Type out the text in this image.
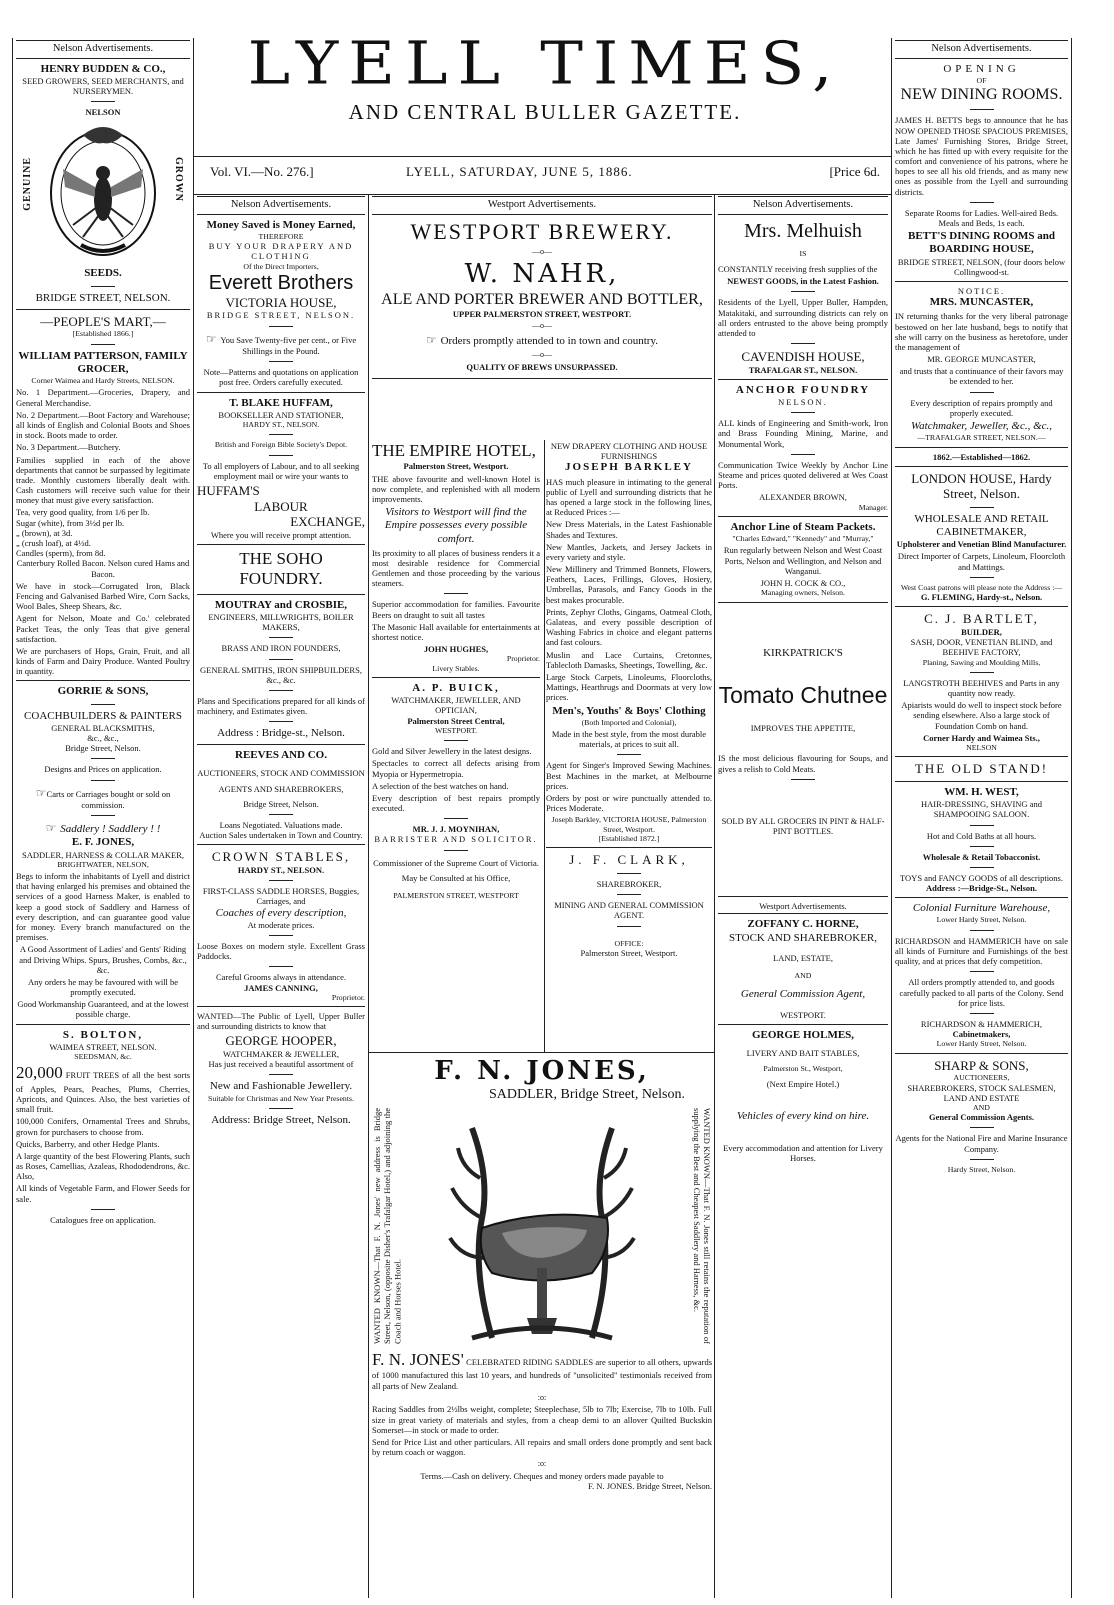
LYELL TIMES,
AND CENTRAL BULLER GAZETTE.
Vol. VI.—No. 276.]	LYELL, SATURDAY, JUNE 5, 1886.	[Price 6d.
Nelson Advertisements.
HENRY BUDDEN & CO.,
SEED GROWERS, SEED MERCHANTS, and NURSERYMEN.
NELSON
GENUINE	GROWN
SEEDS.
BRIDGE STREET, NELSON.
—PEOPLE'S MART,—
[Established 1866.]
WILLIAM PATTERSON, FAMILY GROCER,
Corner Waimea and Hardy Streets, NELSON.

No. 1 Department.—Groceries, Drapery, and General Merchandise.

No. 2 Department.—Boot Factory and Warehouse; all kinds of English and Colonial Boots and Shoes in stock. Boots made to order.

No. 3 Department.—Butchery.

Families supplied in each of the above departments that cannot be surpassed by legitimate trade. Monthly customers liberally dealt with. Cash customers will receive such value for their money that must give every satisfaction.

Tea, very good quality, from 1/6 per lb.
Sugar (white), from 3½d per lb.
„ (brown), at 3d.
„ (crush loaf), at 4½d.
Candles (sperm), from 8d.
Canterbury Rolled Bacon. Nelson cured Hams and Bacon.

We have in stock—Corrugated Iron, Black Fencing and Galvanised Barbed Wire, Corn Sacks, Wool Bales, Sheep Shears, &c.

Agent for Nelson, Moate and Co.' celebrated Packet Teas, the only Teas that give general satisfaction.

We are purchasers of Hops, Grain, Fruit, and all kinds of Farm and Dairy Produce. Wanted Poultry in quantity.

GORRIE & SONS,
COACHBUILDERS & PAINTERS
GENERAL BLACKSMITHS,
&c., &c.,
Bridge Street, Nelson.
Designs and Prices on application.
☞Carts or Carriages bought or sold on commission.
☞ Saddlery ! Saddlery ! !
E. F. JONES,
SADDLER, HARNESS & COLLAR MAKER,
BRIGHTWATER, NELSON,

Begs to inform the inhabitants of Lyell and district that having enlarged his premises and obtained the services of a good Harness Maker, is enabled to keep a good stock of Saddlery and Harness of every description, and can guarantee good value for money. Every branch manufactured on the premises.

A Good Assortment of Ladies' and Gents' Riding and Driving Whips. Spurs, Brushes, Combs, &c., &c.

Any orders he may be favoured with will be promptly executed.

Good Workmanship Guaranteed, and at the lowest possible charge.

S. BOLTON,
WAIMEA STREET, NELSON.
SEEDSMAN, &c.

20,000 FRUIT TREES of all the best sorts of Apples, Pears, Peaches, Plums, Cherries, Apricots, and Quinces. Also, the best varieties of small fruit.

100,000 Conifers, Ornamental Trees and Shrubs, grown for purchasers to choose from.

Quicks, Barberry, and other Hedge Plants.

A large quantity of the best Flowering Plants, such as Roses, Camellias, Azaleas, Rhododendrons, &c. Also,

All kinds of Vegetable Farm, and Flower Seeds for sale.

Catalogues free on application.
Nelson Advertisements.
Money Saved is Money Earned,
THEREFORE
BUY YOUR DRAPERY AND CLOTHING
Of the Direct Importers,
Everett Brothers
VICTORIA HOUSE,
BRIDGE STREET, NELSON.
☞ You Save Twenty-five per cent., or Five Shillings in the Pound.
Note—Patterns and quotations on application post free. Orders carefully executed.
T. BLAKE HUFFAM,
BOOKSELLER AND STATIONER,
HARDY ST., NELSON.
British and Foreign Bible Society's Depot.

To all employers of Labour, and to all seeking employment mail or wire your wants to

HUFFAM'S
LABOUR
EXCHANGE,
Where you will receive prompt attention.
THE SOHO FOUNDRY.
MOUTRAY and CROSBIE,
ENGINEERS, MILLWRIGHTS, BOILER MAKERS,
BRASS AND IRON FOUNDERS,
GENERAL SMITHS, IRON SHIPBUILDERS, &c., &c.

Plans and Specifications prepared for all kinds of machinery, and Estimates given.

Address : Bridge-st., Nelson.
REEVES AND CO.

AUCTIONEERS, STOCK AND COMMISSION AGENTS AND SHAREBROKERS,

Bridge Street, Nelson.
Loans Negotiated. Valuations made.
Auction Sales undertaken in Town and Country.
CROWN STABLES,
HARDY ST., NELSON.
FIRST-CLASS SADDLE HORSES, Buggies, Carriages, and
Coaches of every description,
At moderate prices.

Loose Boxes on modern style. Excellent Grass Paddocks.

Careful Grooms always in attendance.
JAMES CANNING,
Proprietor.

WANTED—The Public of Lyell, Upper Buller and surrounding districts to know that

GEORGE HOOPER,
WATCHMAKER & JEWELLER,
Has just received a beautiful assortment of
New and Fashionable Jewellery.
Suitable for Christmas and New Year Presents.
Address: Bridge Street, Nelson.
Westport Advertisements.
WESTPORT BREWERY.
—o—
W. NAHR,
ALE AND PORTER BREWER AND BOTTLER,
UPPER PALMERSTON STREET, WESTPORT.
—o—
☞ Orders promptly attended to in town and country.
—o—
QUALITY OF BREWS UNSURPASSED.
THE EMPIRE HOTEL,
Palmerston Street, Westport.

THE above favourite and well-known Hotel is now complete, and replenished with all modern improvements.

Visitors to Westport will find the Empire possesses every possible comfort.

Its proximity to all places of business renders it a most desirable residence for Commercial Gentlemen and those proceeding by the various steamers.

Superior accommodation for families. Favourite Beers on draught to suit all tastes

The Masonic Hall available for entertainments at shortest notice.

JOHN HUGHES,
Proprietor.
Livery Stables.
A. P. BUICK,
WATCHMAKER, JEWELLER, AND OPTICIAN,
Palmerston Street Central,
WESTPORT.

Gold and Silver Jewellery in the latest designs.

Spectacles to correct all defects arising from Myopia or Hypermetropia.

A selection of the best watches on hand.

Every description of best repairs promptly executed.

MR. J. J. MOYNIHAN,
BARRISTER AND SOLICITOR.

Commissioner of the Supreme Court of Victoria.

May be Consulted at his Office,
PALMERSTON STREET, WESTPORT
NEW DRAPERY CLOTHING AND HOUSE FURNISHINGS
JOSEPH BARKLEY

HAS much pleasure in intimating to the general public of Lyell and surrounding districts that he has opened a large stock in the following lines, at Reduced Prices :—

New Dress Materials, in the Latest Fashionable Shades and Textures.

New Mantles, Jackets, and Jersey Jackets in every variety and style.

New Millinery and Trimmed Bonnets, Flowers, Feathers, Laces, Frillings, Gloves, Hosiery, Umbrellas, Parasols, and Fancy Goods in the best makes procurable.

Prints, Zephyr Cloths, Gingams, Oatmeal Cloth, Galateas, and every possible description of Washing Fabrics in choice and elegant patterns and fast colours.

Muslin and Lace Curtains, Cretonnes, Tablecloth Damasks, Sheetings, Towelling, &c.

Large Stock Carpets, Linoleums, Floorcloths, Mattings, Hearthrugs and Doormats at very low prices.

Men's, Youths' & Boys' Clothing
(Both Imported and Colonial),

Made in the best style, from the most durable materials, at prices to suit all.

Agent for Singer's Improved Sewing Machines. Best Machines in the market, at Melbourne prices.

Orders by post or wire punctually attended to. Prices Moderate.

Joseph Barkley, VICTORIA HOUSE, Palmerston Street, Westport.
[Established 1872.]
J. F. CLARK,
SHAREBROKER,
MINING AND GENERAL COMMISSION AGENT.
OFFICE:
Palmerston Street, Westport.
F. N. JONES,
SADDLER, Bridge Street, Nelson.
WANTED KNOWN—That F. N. Jones' new address is Bridge Street, Nelson, (opposite Disher's Trafalgar Hotel,) and adjoining the Coach and Horses Hotel.	WANTED KNOWN—That F. N. Jones still retains the reputation of supplying the Best and Cheapest Saddlery and Harness, &c.

F. N. JONES' CELEBRATED RIDING SADDLES are superior to all others, upwards of 1000 manufactured this last 10 years, and hundreds of "unsolicited" testimonials received from all parts of New Zealand.

:o:

Racing Saddles from 2½lbs weight, complete; Steeplechase, 5lb to 7lb; Exercise, 7lb to 10lb. Full size in great variety of materials and styles, from a cheap demi to an allover Quilted Buckskin Somerset—in stock or made to order.

Send for Price List and other particulars. All repairs and small orders done promptly and sent back by return coach or waggon.

:o:
Terms.—Cash on delivery. Cheques and money orders made payable to
F. N. JONES. Bridge Street, Nelson.
Nelson Advertisements.
Mrs. Melhuish
IS

CONSTANTLY receiving fresh supplies of the

NEWEST GOODS, in the Latest Fashion.

Residents of the Lyell, Upper Buller, Hampden, Matakitaki, and surrounding districts can rely on all orders entrusted to the above being promptly attended to

CAVENDISH HOUSE,
TRAFALGAR ST., NELSON.
ANCHOR FOUNDRY
NELSON.

ALL kinds of Engineering and Smith-work, Iron and Brass Founding Mining, Marine, and Monumental Work,

Communication Twice Weekly by Anchor Line Steame and prices quoted delivered at Wes Coast Ports.

ALEXANDER BROWN,
Manager.
Anchor Line of Steam Packets.
"Charles Edward," "Kennedy" and "Murray,"

Run regularly between Nelson and West Coast Ports, Nelson and Wellington, and Nelson and Wanganui.

JOHN H. COCK & CO.,
Managing owners, Nelson.
KIRKPATRICK'S
Tomato Chutnee
IMPROVES THE APPETITE,

IS the most delicious flavouring for Soups, and gives a relish to Cold Meats.

SOLD BY ALL GROCERS IN PINT & HALF-PINT BOTTLES.
Westport Advertisements.
ZOFFANY C. HORNE,
STOCK AND SHAREBROKER,
LAND, ESTATE,
AND
General Commission Agent,
WESTPORT.
GEORGE HOLMES,
LIVERY AND BAIT STABLES,
Palmerston St., Westport,
(Next Empire Hotel.)
Vehicles of every kind on hire.
Every accommodation and attention for Livery Horses.
Nelson Advertisements.
OPENING
OF
NEW DINING ROOMS.

JAMES H. BETTS begs to announce that he has NOW OPENED THOSE SPACIOUS PREMISES, Late James' Furnishing Stores, Bridge Street, which he has fitted up with every requisite for the comfort and convenience of his patrons, where he hopes to see all his old friends, and as many new ones as possible from the Lyell and surrounding districts.

Separate Rooms for Ladies. Well-aired Beds. Meals and Beds, 1s each.

BETT'S DINING ROOMS and BOARDING HOUSE,
BRIDGE STREET, NELSON, (four doors below Collingwood-st.
NOTICE.
MRS. MUNCASTER,

IN returning thanks for the very liberal patronage bestowed on her late husband, begs to notify that she will carry on the business as heretofore, under the management of

MR. GEORGE MUNCASTER,

and trusts that a continuance of their favors may be extended to her.

Every description of repairs promptly and properly executed.

Watchmaker, Jeweller, &c., &c.,
—TRAFALGAR STREET, NELSON.—
1862.—Established—1862.
LONDON HOUSE, Hardy Street, Nelson.
WHOLESALE AND RETAIL CABINETMAKER,
Upholsterer and Venetian Blind Manufacturer.

Direct Importer of Carpets, Linoleum, Floorcloth and Mattings.

West Coast patrons will please note the Address :—
G. FLEMING, Hardy-st., Nelson.
C. J. BARTLET,
BUILDER,
SASH, DOOR, VENETIAN BLIND, and BEEHIVE FACTORY,
Planing, Sawing and Moulding Mills,

LANGSTROTH BEEHIVES and Parts in any quantity now ready.

Apiarists would do well to inspect stock before sending elsewhere. Also a large stock of Foundation Comb on hand.

Corner Hardy and Waimea Sts.,
NELSON
THE OLD STAND!
WM. H. WEST,
HAIR-DRESSING, SHAVING and SHAMPOOING SALOON.
Hot and Cold Baths at all hours.
Wholesale & Retail Tobacconist.
TOYS and FANCY GOODS of all descriptions.
Address :—Bridge-St., Nelson.
Colonial Furniture Warehouse,
Lower Hardy Street, Nelson.

RICHARDSON and HAMMERICH have on sale all kinds of Furniture and Furnishings of the best quality, and at prices that defy competition.

All orders promptly attended to, and goods carefully packed to all parts of the Colony. Send for price lists.

RICHARDSON & HAMMERICH,
Cabinetmakers,
Lower Hardy Street, Nelson.
SHARP & SONS,
AUCTIONEERS,
SHAREBROKERS, STOCK SALESMEN, LAND AND ESTATE
AND
General Commission Agents.

Agents for the National Fire and Marine Insurance Company.

Hardy Street, Nelson.
